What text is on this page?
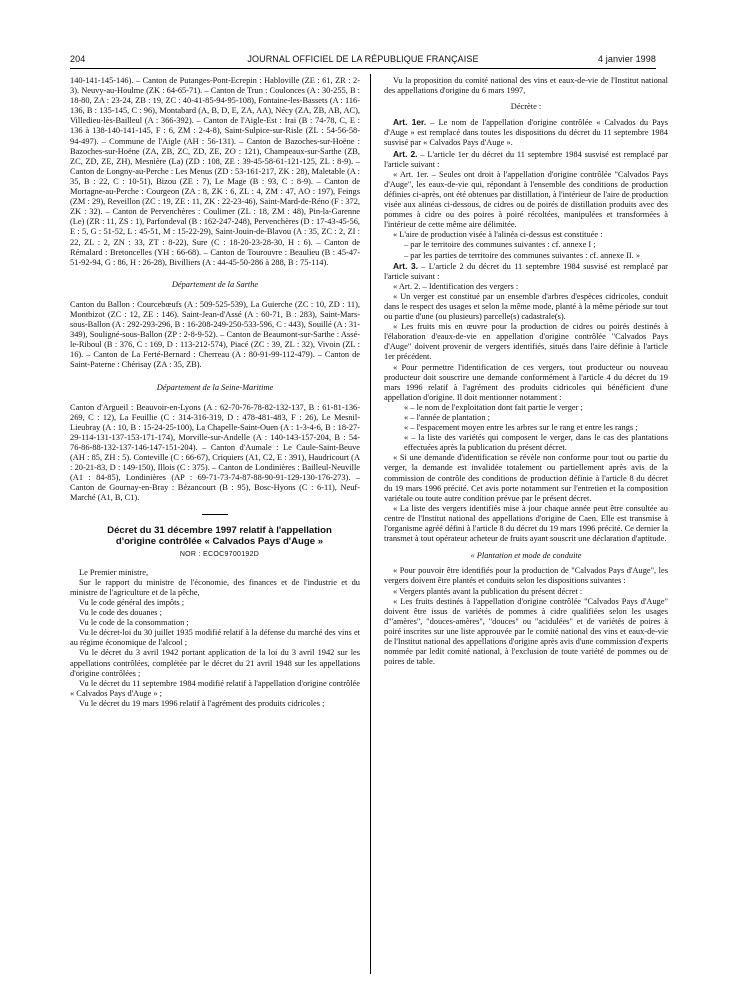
204	JOURNAL OFFICIEL DE LA RÉPUBLIQUE FRANÇAISE	4 janvier 1998

140-141-145-146). – Canton de Putanges-Pont-Ecrepin : Habloville (ZE : 61, ZR : 2-3). Neuvy-au-Houlme (ZK : 64-65-71). – Canton de Trun : Coulonces (A : 30-255, B : 18-80, ZA : 23-24, ZB : 19, ZC : 40-41-85-94-95-108), Fontaine-les-Bassets (A : 116-136, B : 135-145, C : 96), Montabard (A, B, D, E, ZA, AA), Nécy (ZA, ZB, AB, AC), Villedieu-lès-Bailleul (A : 366-392). – Canton de l'Aigle-Est : Irai (B : 74-78, C, E : 136 à 138-140-141-145, F : 6, ZM : 2-4-8), Saint-Sulpice-sur-Risle (ZL : 54-56-58-94-497). – Commune de l'Aigle (AH : 56-131). – Canton de Bazoches-sur-Hoëne : Bazoches-sur-Hoëne (ZA, ZB, ZC, ZD, ZE, ZO : 121), Champeaux-sur-Sarthe (ZB, ZC, ZD, ZE, ZH), Mesnière (La) (ZD : 108, ZE : 39-45-58-61-121-125, ZL : 8-9). – Canton de Longny-au-Perche : Les Menus (ZD : 53-161-217, ZK : 28), Maletable (A : 35, B : 22, C : 10-51), Bizou (ZE : 7), Le Mage (B : 93, C : 8-9). – Canton de Mortagne-au-Perche : Courgeon (ZA : 8, ZK : 6, ZL : 4, ZM : 47, AO : 197), Feings (ZM : 29), Reveillon (ZC : 19, ZE : 11, ZK : 22-23-46), Saint-Mard-de-Réno (F : 372, ZK : 32). – Canton de Pervenchères : Coulimer (ZL : 18, ZM : 48), Pin-la-Garenne (Le) (ZR : 11, ZS : 1), Parfondeval (B : 162-247-248), Pervenchères (D : 17-43-45-56, E : 5, G : 51-52, L : 45-51, M : 15-22-29), Saint-Jouin-de-Blavou (A : 35, ZC : 2, ZI : 22, ZL : 2, ZN : 33, ZT : 8-22), Sure (C : 18-20-23-28-30, H : 6). – Canton de Rémalard : Bretoncelles (YH : 66-68). – Canton de Tourouvre : Beaulieu (B : 45-47-51-92-94, G : 86, H : 26-28), Bivilliers (A : 44-45-50-286 à 288, B : 75-114).

Département de la Sarthe

Canton du Ballon : Courcebœufs (A : 509-525-539), La Guierche (ZC : 10, ZD : 11), Montbizot (ZC : 12, ZE : 146). Saint-Jean-d'Assé (A : 60-71, B : 283), Saint-Mars-sous-Ballon (A : 292-293-296, B : 16-208-249-250-533-596, C : 443), Souillé (A : 31-349), Souligné-sous-Ballon (ZP : 2-8-9-52). – Canton de Beaumont-sur-Sarthe : Assé-le-Riboul (B : 376, C : 169, D : 113-212-574), Piacé (ZC : 39, ZL : 32), Vivoin (ZL : 16). – Canton de La Ferté-Bernard : Cherreau (A : 80-91-99-112-479). – Canton de Saint-Paterne : Chérisay (ZA : 35, ZB).

Département de la Seine-Maritime

Canton d'Argueil : Beauvoir-en-Lyons (A : 62-70-76-78-82-132-137, B : 61-81-136-269, C : 12), La Feuillie (C : 314-316-319, D : 478-481-483, F : 26), Le Mesnil-Lieubray (A : 10, B : 15-24-25-100), La Chapelle-Saint-Ouen (A : 1-3-4-6, B : 18-27-29-114-131-137-153-171-174), Morville-sur-Andelle (A : 140-143-157-204, B : 54-76-86-88-132-137-146-147-151-204). – Canton d'Aumale : Le Caule-Saint-Beuve (AH : 85, ZH : 5). Conteville (C : 66-67), Criquiers (A1, C2, E : 391), Haudricourt (A : 20-21-83, D : 149-150), Illois (C : 375). – Canton de Londinières : Bailleul-Neuville (A1 : 84-85), Londinières (AP : 69-71-73-74-87-88-90-91-129-130-176-273). – Canton de Gournay-en-Bray : Bézancourt (B : 95), Bosc-Hyons (C : 6-11), Neuf-Marché (A1, B, C1).

Décret du 31 décembre 1997 relatif à l'appellation

d'origine contrôlée « Calvados Pays d'Auge »

NOR : ECOC9700192D

Le Premier ministre,

Sur le rapport du ministre de l'économie, des finances et de l'industrie et du ministre de l'agriculture et de la pêche,

Vu le code général des impôts ;

Vu le code des douanes ;

Vu le code de la consommation ;

Vu le décret-loi du 30 juillet 1935 modifié relatif à la défense du marché des vins et au régime économique de l'alcool ;

Vu le décret du 3 avril 1942 portant application de la loi du 3 avril 1942 sur les appellations contrôlées, complétée par le décret du 21 avril 1948 sur les appellations d'origine contrôlées ;

Vu le décret du 11 septembre 1984 modifié relatif à l'appellation d'origine contrôlée « Calvados Pays d'Auge » ;

Vu le décret du 19 mars 1996 relatif à l'agrément des produits cidricoles ;

Vu la proposition du comité national des vins et eaux-de-vie de l'Institut national des appellations d'origine du 6 mars 1997,

Décrète :

Art. 1er. – Le nom de l'appellation d'origine contrôlée « Calvados du Pays d'Auge » est remplacé dans toutes les dispositions du décret du 11 septembre 1984 susvisé par « Calvados Pays d'Auge ».

Art. 2. – L'article 1er du décret du 11 septembre 1984 susvisé est remplacé par l'article suivant :

« Art. 1er. – Seules ont droit à l'appellation d'origine contrôlée "Calvados Pays d'Auge", les eaux-de-vie qui, répondant à l'ensemble des conditions de production définies ci-après, ont été obtenues par distillation, à l'intérieur de l'aire de production visée aux alinéas ci-dessous, de cidres ou de poirés de distillation produits avec des pommes à cidre ou des poires à poiré récoltées, manipulées et transformées à l'intérieur de cette même aire délimitée.

« L'aire de production visée à l'alinéa ci-dessus est constituée :

– par le territoire des communes suivantes : cf. annexe I ;

– par les parties de territoire des communes suivantes : cf. annexe II. »

Art. 3. – L'article 2 du décret du 11 septembre 1984 susvisé est remplacé par l'article suivant :

« Art. 2. – Identification des vergers :

« Un verger est constitué par un ensemble d'arbres d'espèces cidricoles, conduit dans le respect des usages et selon la même mode, planté à la même période sur tout ou partie d'une (ou plusieurs) parcelle(s) cadastrale(s).

« Les fruits mis en œuvre pour la production de cidres ou poirés destinés à l'élaboration d'eaux-de-vie en appellation d'origine contrôlée "Calvados Pays d'Auge" doivent provenir de vergers identifiés, situés dans l'aire définie à l'article 1er précédent.

« Pour permettre l'identification de ces vergers, tout producteur ou nouveau producteur doit souscrire une demande conformément à l'article 4 du décret du 19 mars 1996 relatif à l'agrément des produits cidricoles qui bénéficient d'une appellation d'origine. Il doit mentionner notamment :

« – le nom de l'exploitation dont fait partie le verger ;

« – l'année de plantation ;

« – l'espacement moyen entre les arbres sur le rang et entre les rangs ;

« – la liste des variétés qui composent le verger, dans le cas des plantations effectuées après la publication du présent décret.

« Si une demande d'identification se révèle non conforme pour tout ou partie du verger, la demande est invalidée totalement ou partiellement après avis de la commission de contrôle des conditions de production définie à l'article 8 du décret du 19 mars 1996 précité. Cet avis porte notamment sur l'entretien et la composition variétale ou toute autre condition prévue par le présent décret.

« La liste des vergers identifiés mise à jour chaque année peut être consultée au centre de l'Institut national des appellations d'origine de Caen. Elle est transmise à l'organisme agréé défini à l'article 8 du décret du 19 mars 1996 précité. Ce dernier la transmet à tout opérateur acheteur de fruits ayant souscrit une déclaration d'aptitude.

« Plantation et mode de conduite

« Pour pouvoir être identifiés pour la production de "Calvados Pays d'Auge", les vergers doivent être plantés et conduits selon les dispositions suivantes :

« Vergers plantés avant la publication du présent décret :

« Les fruits destinés à l'appellation d'origine contrôlée "Calvados Pays d'Auge" doivent être issus de variétés de pommes à cidre qualifiées selon les usages d'"amères", "douces-amères", "douces" ou "acidulées" et de variétés de poires à poiré inscrites sur une liste approuvée par le comité national des vins et eaux-de-vie de l'Institut national des appellations d'origine après avis d'une commission d'experts nommée par ledit comité national, à l'exclusion de toute variété de pommes ou de poires de table.
